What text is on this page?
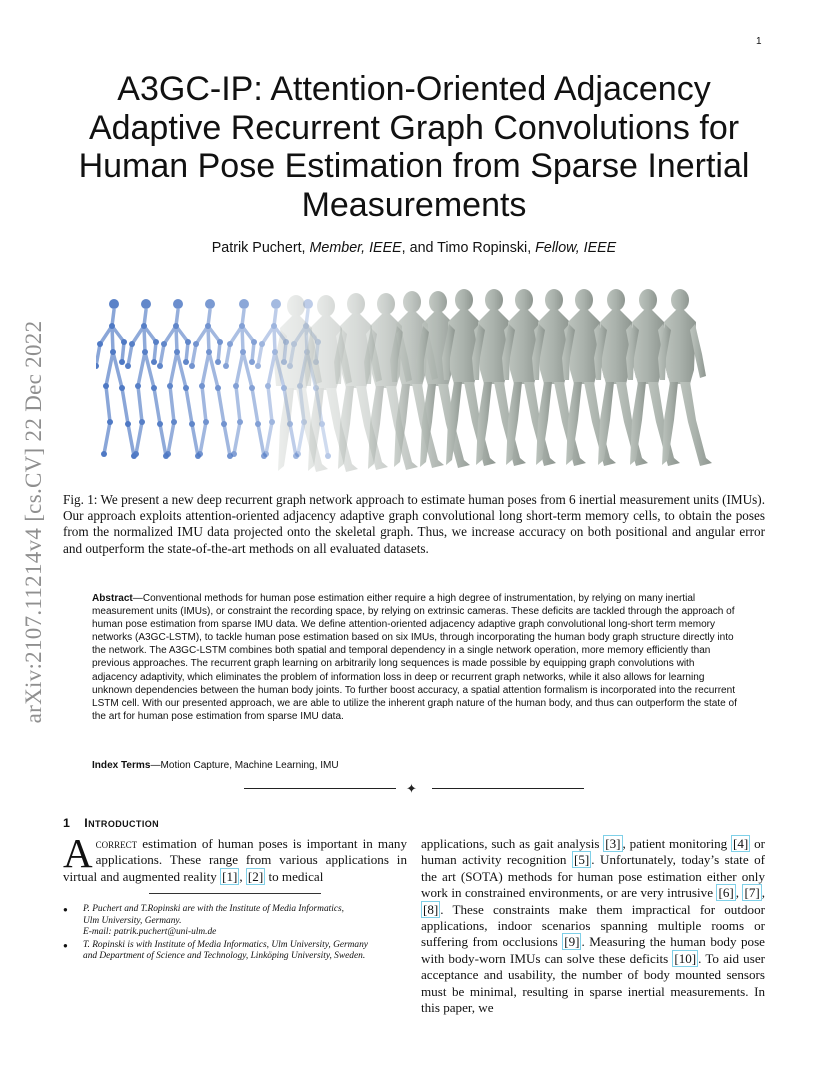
1
A3GC-IP: Attention-Oriented Adjacency
Adaptive Recurrent Graph Convolutions for
Human Pose Estimation from Sparse Inertial
Measurements
Patrik Puchert, Member, IEEE, and Timo Ropinski, Fellow, IEEE
arXiv:2107.11214v4 [cs.CV] 22 Dec 2022 Fig. 1: We present a new deep recurrent graph network approach to estimate human poses from 6 inertial measurement units (IMUs). Our approach exploits attention-oriented adjacency adaptive graph convolutional long short-term memory cells, to obtain the poses from the normalized IMU data projected onto the skeletal graph. Thus, we increase accuracy on both positional and angular error and outperform the state-of-the-art methods on all evaluated datasets.

Abstract—Conventional methods for human pose estimation either require a high degree of instrumentation, by relying on many inertial measurement units (IMUs), or constraint the recording space, by relying on extrinsic cameras. These deficits are tackled through the approach of human pose estimation from sparse IMU data. We define attention-oriented adjacency adaptive graph convolutional long-short term memory networks (A3GC-LSTM), to tackle human pose estimation based on six IMUs, through incorporating the human body graph structure directly into the network. The A3GC-LSTM combines both spatial and temporal dependency in a single network operation, more memory efficiently than previous approaches. The recurrent graph learning on arbitrarily long sequences is made possible by equipping graph convolutions with adjacency adaptivity, which eliminates the problem of information loss in deep or recurrent graph networks, while it also allows for learning unknown dependencies between the human body joints. To further boost accuracy, a spatial attention formalism is incorporated into the recurrent LSTM cell. With our presented approach, we are able to utilize the inherent graph nature of the human body, and thus can outperform the state of the art for human pose estimation from sparse IMU data.

Index Terms—Motion Capture, Machine Learning, IMU

✦
1 Introduction

Acorrect estimation of human poses is important in many applications. These range from various applications in virtual and augmented reality [1] , [2] to medical

● P. Puchert and T.Ropinski are with the Institute of Media Informatics,
Ulm University, Germany.
E-mail: patrik.puchert@uni-ulm.de
● T. Ropinski is with Institute of Media Informatics, Ulm University, Germany
and Department of Science and Technology, Linköping University, Sweden.

applications, such as gait analysis [3] , patient monitoring [4] or human activity recognition [5] . Unfortunately, today’s state of the art (SOTA) methods for human pose estimation either only work in constrained environments, or are very intrusive [6] , [7] , [8] . These constraints make them impractical for outdoor applications, indoor scenarios spanning multiple rooms or suffering from occlusions [9] . Measuring the human body pose with body-worn IMUs can solve these deficits [10] . To aid user acceptance and usability, the number of body mounted sensors must be minimal, resulting in sparse inertial measurements. In this paper, we
